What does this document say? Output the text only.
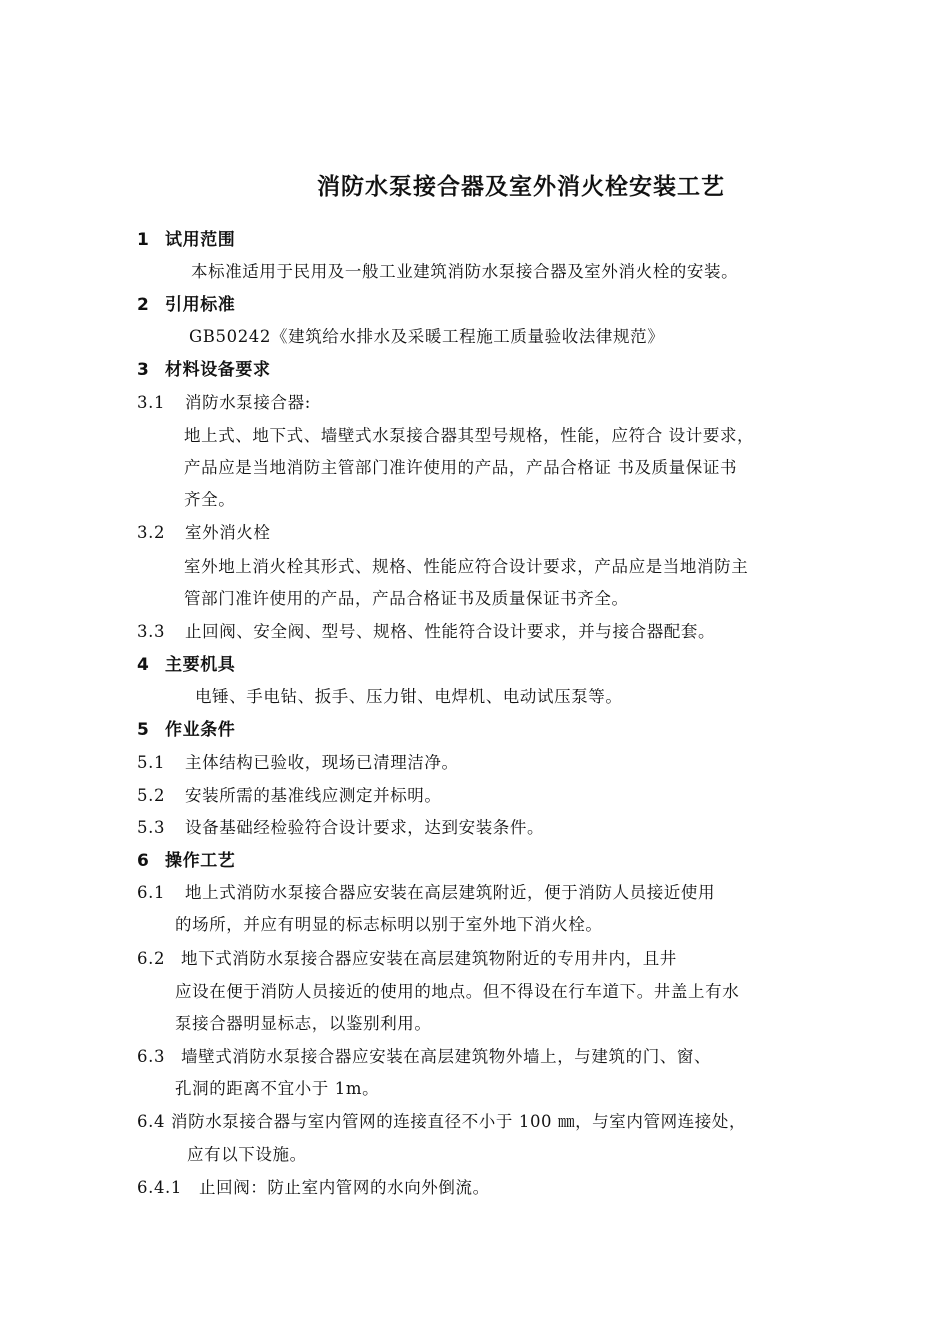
消防水泵接合器及室外消火栓安装工艺
1 试用范围
本标准适用于民用及一般工业建筑消防水泵接合器及室外消火栓的安装。
2 引用标准
GB50242《建筑给水排水及采暖工程施工质量验收法律规范》
3 材料设备要求
3.1 消防水泵接合器:
地上式、地下式、墙壁式水泵接合器其型号规格，性能，应符合 设计要求，
产品应是当地消防主管部门准许使用的产品，产品合格证 书及质量保证书
齐全。
3.2 室外消火栓
室外地上消火栓其形式、规格、性能应符合设计要求，产品应是当地消防主
管部门准许使用的产品，产品合格证书及质量保证书齐全。
3.3 止回阀、安全阀、型号、规格、性能符合设计要求，并与接合器配套。
4 主要机具
电锤、手电钻、扳手、压力钳、电焊机、电动试压泵等。
5 作业条件
5.1 主体结构已验收，现场已清理洁净。
5.2 安装所需的基准线应测定并标明。
5.3 设备基础经检验符合设计要求，达到安装条件。
6 操作工艺
6.1 地上式消防水泵接合器应安装在高层建筑附近，便于消防人员接近使用
的场所，并应有明显的标志标明以别于室外地下消火栓。
6.2 地下式消防水泵接合器应安装在高层建筑物附近的专用井内，且井
应设在便于消防人员接近的使用的地点。但不得设在行车道下。井盖上有水
泵接合器明显标志，以鉴别利用。
6.3 墙壁式消防水泵接合器应安装在高层建筑物外墙上，与建筑的门、窗、
孔洞的距离不宜小于 1m。
6.4 消防水泵接合器与室内管网的连接直径不小于 100 ㎜，与室内管网连接处，
应有以下设施。
6.4.1 止回阀：防止室内管网的水向外倒流。
